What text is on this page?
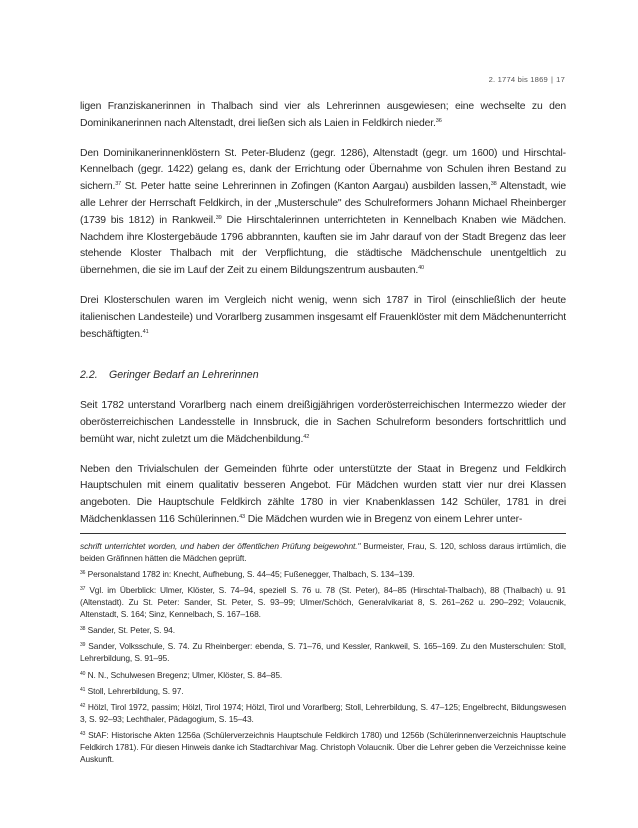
2. 1774 bis 1869 | 17

ligen Franziskanerinnen in Thalbach sind vier als Lehrerinnen ausgewiesen; eine wechselte zu den Dominikanerinnen nach Altenstadt, drei ließen sich als Laien in Feldkirch nieder.$^{36}$

Den Dominikanerinnenklöstern St. Peter-Bludenz (gegr. 1286), Altenstadt (gegr. um 1600) und Hirschtal-Kennelbach (gegr. 1422) gelang es, dank der Errichtung oder Übernahme von Schulen ihren Bestand zu sichern.$^{37}$ St. Peter hatte seine Lehrerinnen in Zofingen (Kanton Aargau) ausbilden lassen,$^{38}$ Altenstadt, wie alle Lehrer der Herrschaft Feldkirch, in der „Musterschule" des Schulreformers Johann Michael Rheinberger (1739 bis 1812) in Rankweil.$^{39}$ Die Hirschtalerinnen unterrichteten in Kennelbach Knaben wie Mädchen. Nachdem ihre Klostergebäude 1796 abbrannten, kauften sie im Jahr darauf von der Stadt Bregenz das leer stehende Kloster Thalbach mit der Verpflichtung, die städtische Mädchenschule unentgeltlich zu übernehmen, die sie im Lauf der Zeit zu einem Bildungszentrum ausbauten.$^{40}$

Drei Klosterschulen waren im Vergleich nicht wenig, wenn sich 1787 in Tirol (einschließlich der heute italienischen Landesteile) und Vorarlberg zusammen insgesamt elf Frauenklöster mit dem Mädchenunterricht beschäftigten.$^{41}$

2.2. Geringer Bedarf an Lehrerinnen

Seit 1782 unterstand Vorarlberg nach einem dreißigjährigen vorderösterreichischen Intermezzo wieder der oberösterreichischen Landesstelle in Innsbruck, die in Sachen Schulreform besonders fortschrittlich und bemüht war, nicht zuletzt um die Mädchenbildung.$^{42}$

Neben den Trivialschulen der Gemeinden führte oder unterstützte der Staat in Bregenz und Feldkirch Hauptschulen mit einem qualitativ besseren Angebot. Für Mädchen wurden statt vier nur drei Klassen angeboten. Die Hauptschule Feldkirch zählte 1780 in vier Knabenklassen 142 Schüler, 1781 in drei Mädchenklassen 116 Schülerinnen.$^{43}$ Die Mädchen wurden wie in Bregenz von einem Lehrer unter-

schrift unterrichtet worden, und haben der öffentlichen Prüfung beigewohnt." Burmeister, Frau, S. 120, schloss daraus irrtümlich, die beiden Gräfinnen hätten die Mädchen geprüft.
$^{36}$ Personalstand 1782 in: Knecht, Aufhebung, S. 44–45; Fußenegger, Thalbach, S. 134–139.
$^{37}$ Vgl. im Überblick: Ulmer, Klöster, S. 74–94, speziell S. 76 u. 78 (St. Peter), 84–85 (Hirschtal-Thalbach), 88 (Thalbach) u. 91 (Altenstadt). Zu St. Peter: Sander, St. Peter, S. 93–99; Ulmer/Schöch, Generalvikariat 8, S. 261–262 u. 290–292; Volaucnik, Altenstadt, S. 164; Sinz, Kennelbach, S. 167–168.
$^{38}$ Sander, St. Peter, S. 94.
$^{39}$ Sander, Volksschule, S. 74. Zu Rheinberger: ebenda, S. 71–76, und Kessler, Rankweil, S. 165–169. Zu den Musterschulen: Stoll, Lehrerbildung, S. 91–95.
$^{40}$ N. N., Schulwesen Bregenz; Ulmer, Klöster, S. 84–85.
$^{41}$ Stoll, Lehrerbildung, S. 97.
$^{42}$ Hölzl, Tirol 1972, passim; Hölzl, Tirol 1974; Hölzl, Tirol und Vorarlberg; Stoll, Lehrerbildung, S. 47–125; Engelbrecht, Bildungswesen 3, S. 92–93; Lechthaler, Pädagogium, S. 15–43.
$^{43}$ StAF: Historische Akten 1256a (Schülerverzeichnis Hauptschule Feldkirch 1780) und 1256b (Schülerinnenverzeichnis Hauptschule Feldkirch 1781). Für diesen Hinweis danke ich Stadtarchivar Mag. Christoph Volaucnik. Über die Lehrer geben die Verzeichnisse keine Auskunft.
